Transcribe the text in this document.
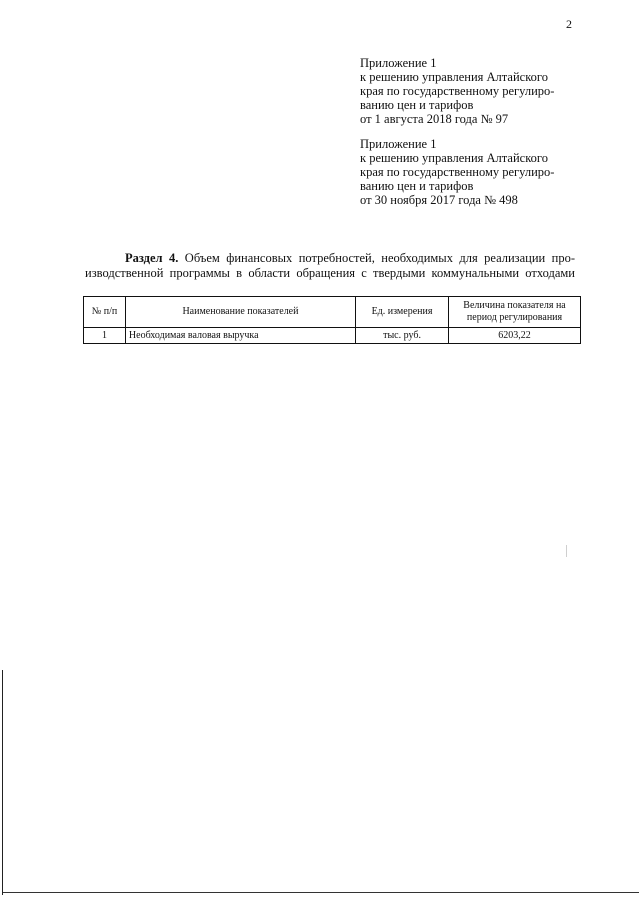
2
Приложение 1
к решению управления Алтайского
края по государственному регулиро-
ванию цен и тарифов
от 1 августа 2018 года № 97
Приложение 1
к решению управления Алтайского
края по государственному регулиро-
ванию цен и тарифов
от 30 ноября 2017 года № 498
Раздел 4. Объем финансовых потребностей, необходимых для реализации про-
изводственной программы в области обращения с твердыми коммунальными отходами
№ п/п	Наименование показателей	Ед. измерения	Величина показателя на период регулирования
1	Необходимая валовая выручка	тыс. руб.	6203,22
